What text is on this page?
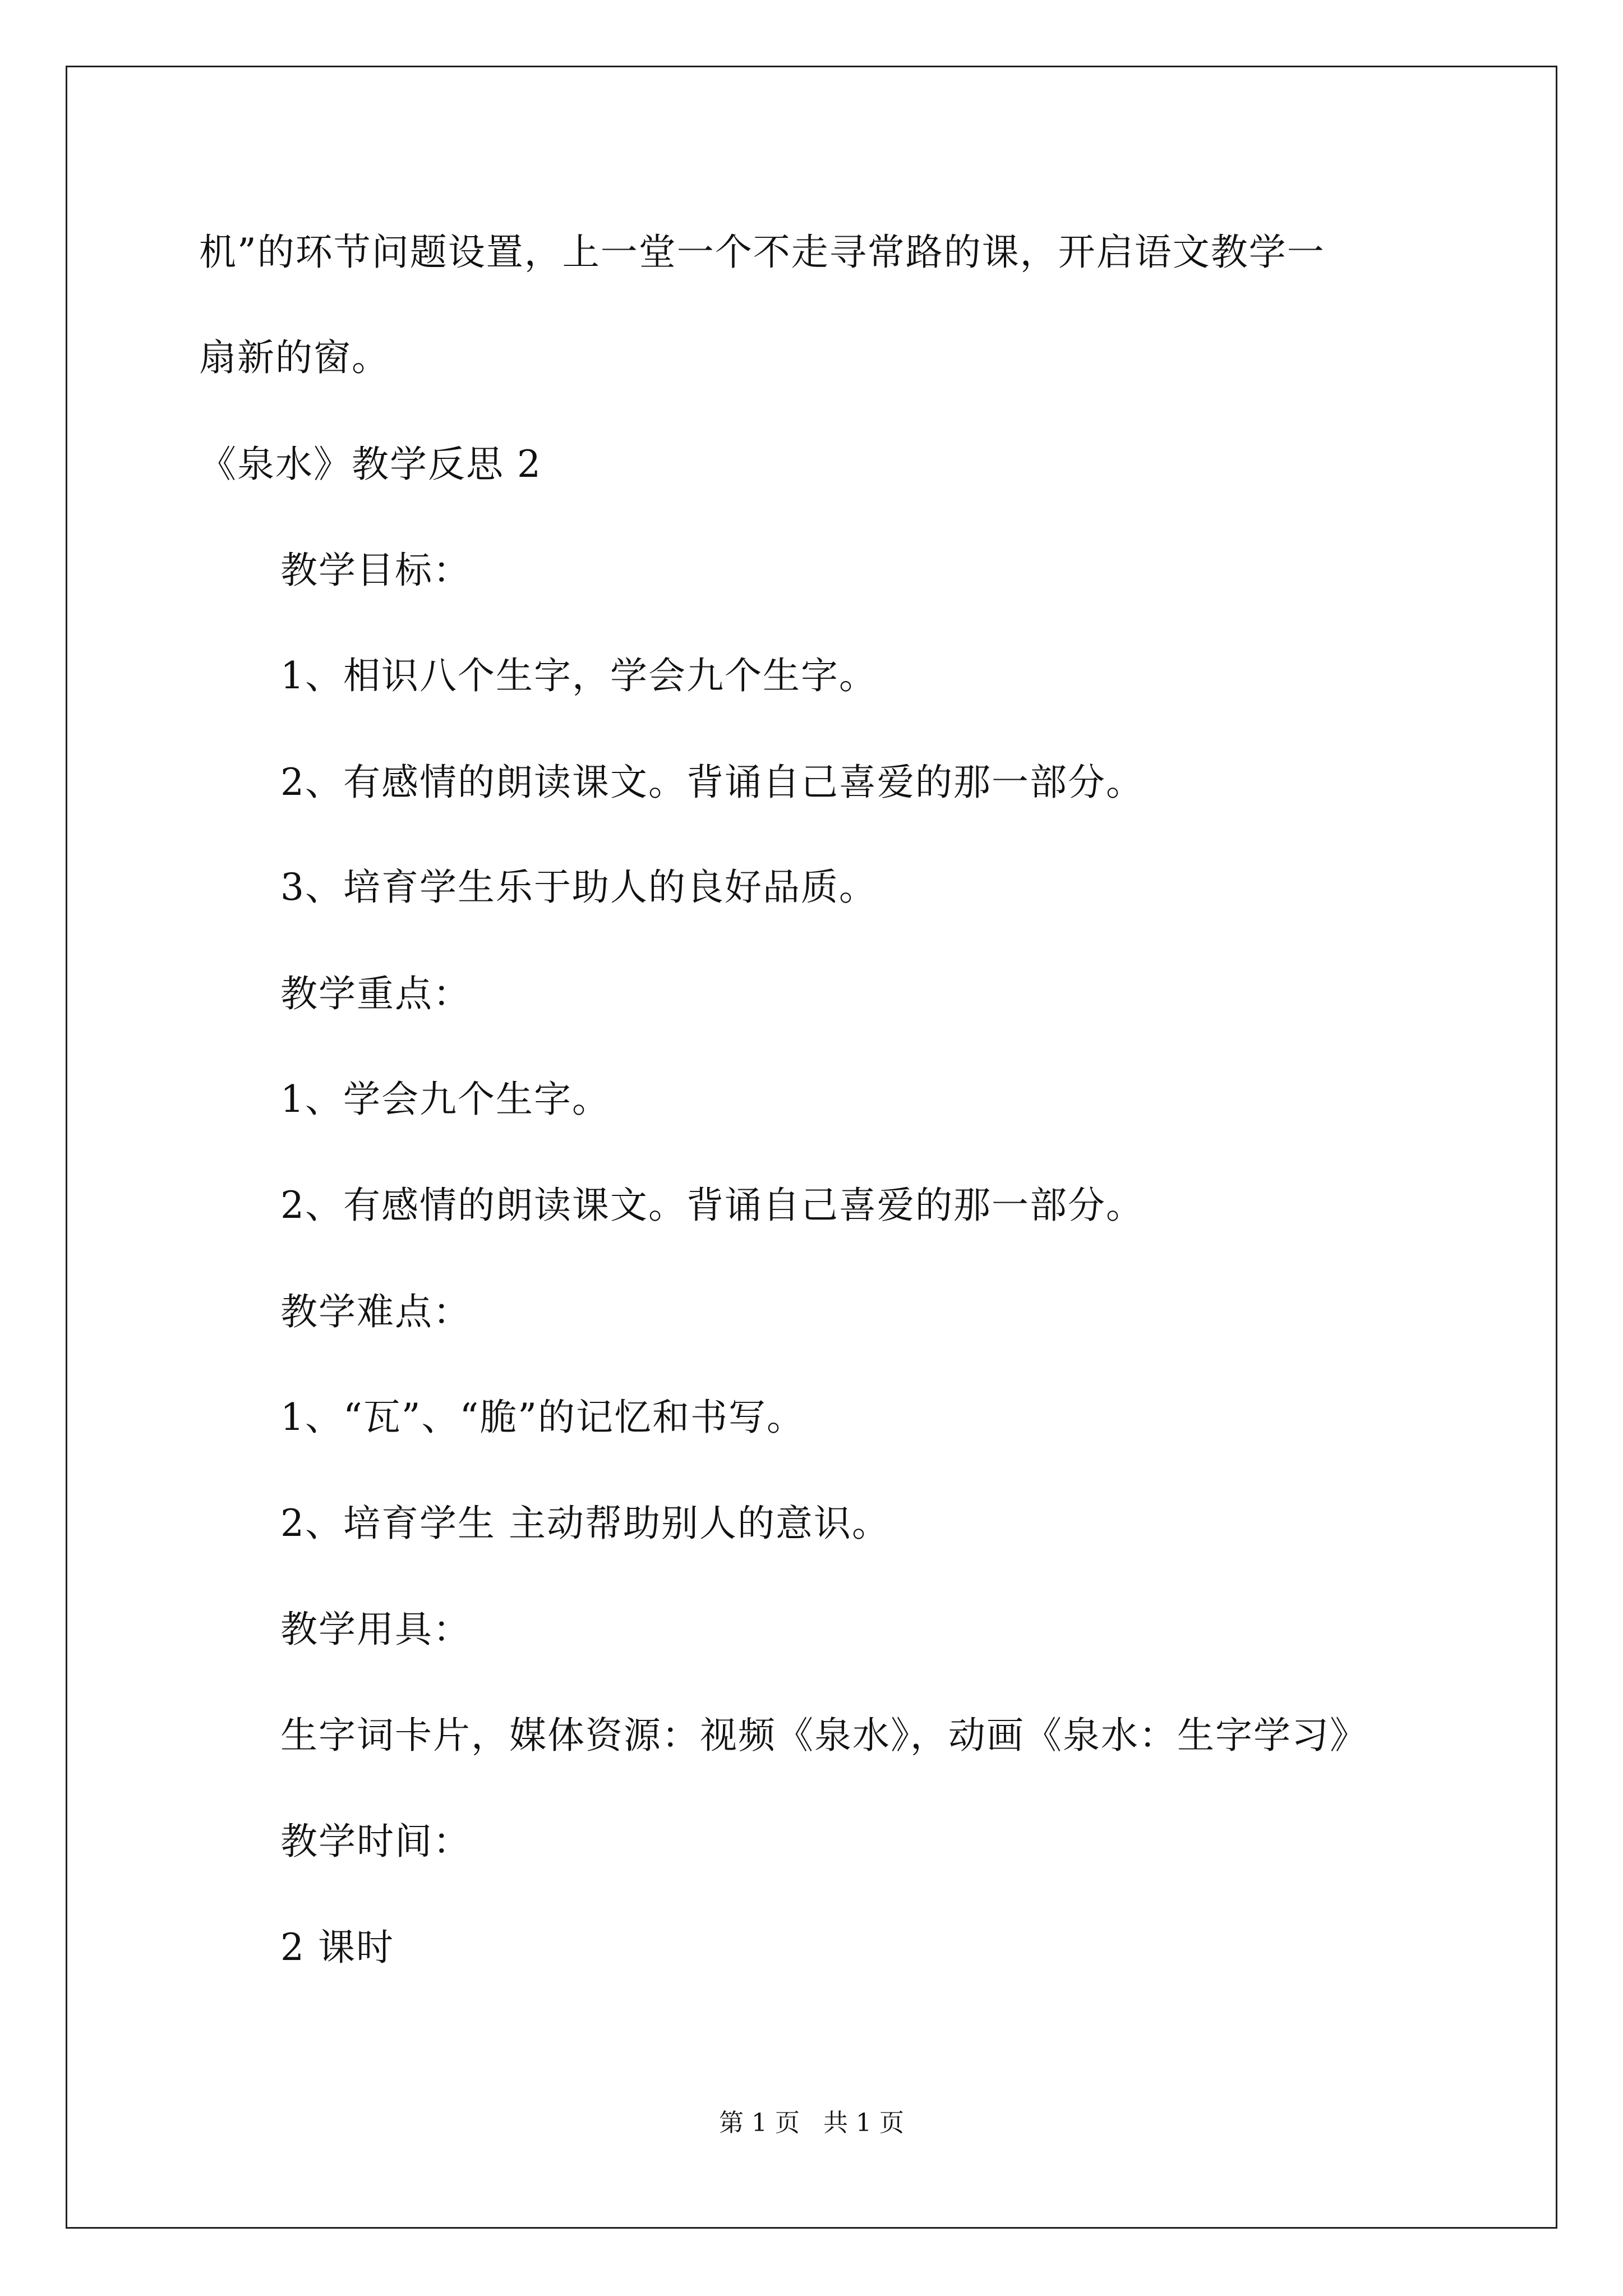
机”的环节问题设置，上一堂一个不走寻常路的课，开启语文教学一
扇新的窗。
《泉水》教学反思 2
教学目标：
1、相识八个生字，学会九个生字。
2、有感情的朗读课文。背诵自己喜爱的那一部分。
3、培育学生乐于助人的良好品质。
教学重点：
1、学会九个生字。
2、有感情的朗读课文。背诵自己喜爱的那一部分。
教学难点：
1、“瓦”、“脆”的记忆和书写。
2、培育学生 主动帮助别人的意识。
教学用具：
生字词卡片，媒体资源：视频《泉水》，动画《泉水：生字学习》
教学时间：
2 课时
第 1 页   共 1 页
